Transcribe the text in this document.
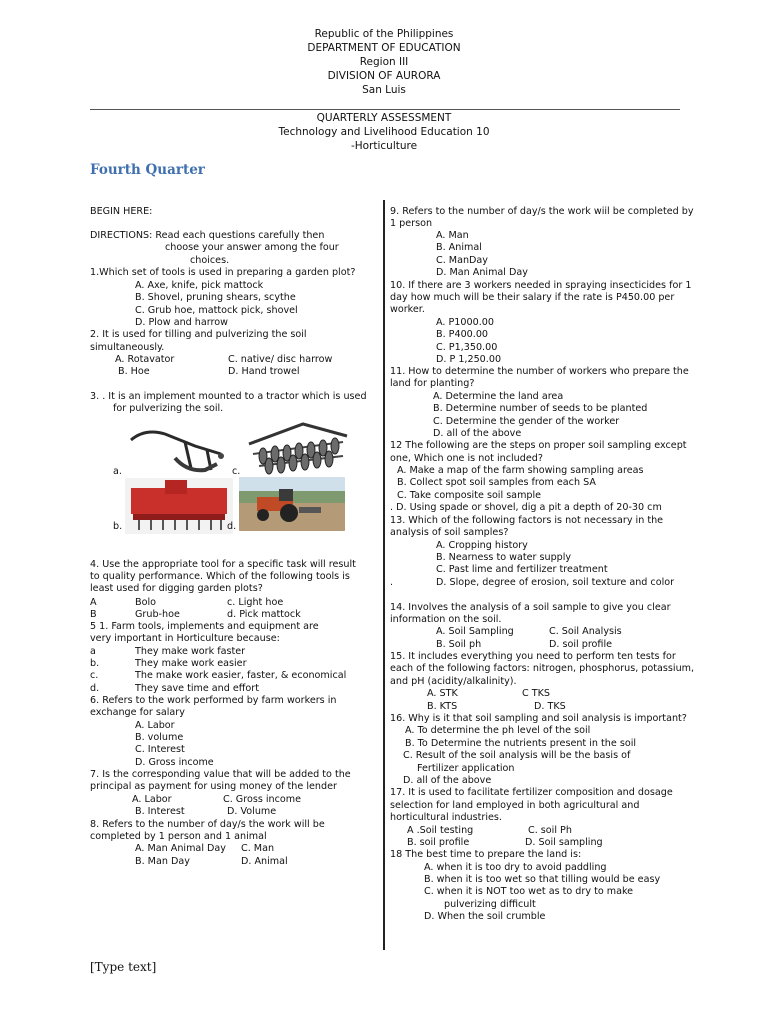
Republic of the Philippines
DEPARTMENT OF EDUCATION
Region III
DIVISION OF AURORA
San Luis
QUARTERLY ASSESSMENT
Technology and Livelihood Education 10
-Horticulture
Fourth Quarter
BEGIN HERE:
DIRECTIONS: Read each questions carefully then
choose your answer among the four
choices.
1.Which set of tools is used in preparing a garden plot?
A. Axe, knife, pick mattock
B. Shovel, pruning shears, scythe
C. Grub hoe, mattock pick, shovel
D. Plow and harrow
2. It is used for tilling and pulverizing the soil
simultaneously.
A. Rotavator	C. native/ disc harrow
B. Hoe	D. Hand trowel
3. . It is an implement mounted to a tractor which is used
for pulverizing the soil.
a.	c.
b.	d.
4. Use the appropriate tool for a specific task will result
to quality performance. Which of the following tools is
least used for digging garden plots?
A	Bolo	c. Light hoe
B	Grub-hoe	d. Pick mattock
5 1. Farm tools, implements and equipment are
very important in Horticulture because:
a	They make work faster
b.	They make work easier
c.	The make work easier, faster, & economical
d.	They save time and effort
6. Refers to the work performed by farm workers in
exchange for salary
A. Labor
B. volume
C. Interest
D. Gross income
7. Is the corresponding value that will be added to the
principal as payment for using money of the lender
A. Labor	C. Gross income
B. Interest	D. Volume
8. Refers to the number of day/s the work will be
completed by 1 person and 1 animal
A. Man Animal Day C. Man
B. Man Day	D. Animal
9. Refers to the number of day/s the work wiil be completed by
1 person
A. Man
B. Animal
C. ManDay
D. Man Animal Day
10. If there are 3 workers needed in spraying insecticides for 1
day how much will be their salary if the rate is P450.00 per
worker.
A. P1000.00
B. P400.00
C. P1,350.00
D. P 1,250.00
11. How to determine the number of workers who prepare the
land for planting?
A. Determine the land area
B. Determine number of seeds to be planted
C. Determine the gender of the worker
D. all of the above
12 The following are the steps on proper soil sampling except
one, Which one is not included?
A. Make a map of the farm showing sampling areas
B. Collect spot soil samples from each SA
C. Take composite soil sample
. D. Using spade or shovel, dig a pit a depth of 20-30 cm
13. Which of the following factors is not necessary in the
analysis of soil samples?
A. Cropping history
B. Nearness to water supply
C. Past lime and fertilizer treatment
.	D. Slope, degree of erosion, soil texture and color
14. Involves the analysis of a soil sample to give you clear
information on the soil.
A. Soil Sampling	C. Soil Analysis
B. Soil ph	D. soil profile
15. It includes everything you need to perform ten tests for
each of the following factors: nitrogen, phosphorus, potassium,
and pH (acidity/alkalinity).
A. STK	C TKS
B. KTS	D. TKS
16. Why is it that soil sampling and soil analysis is important?
A. To determine the ph level of the soil
B. To Determine the nutrients present in the soil
C. Result of the soil analysis will be the basis of
Fertilizer application
D. all of the above
17. It is used to facilitate fertilizer composition and dosage
selection for land employed in both agricultural and
horticultural industries.
A .Soil testing	C. soil Ph
B. soil profile	D. Soil sampling
18 The best time to prepare the land is:
A. when it is too dry to avoid paddling
B. when it is too wet so that tilling would be easy
C. when it is NOT too wet as to dry to make
pulverizing difficult
D. When the soil crumble
[Type text]
